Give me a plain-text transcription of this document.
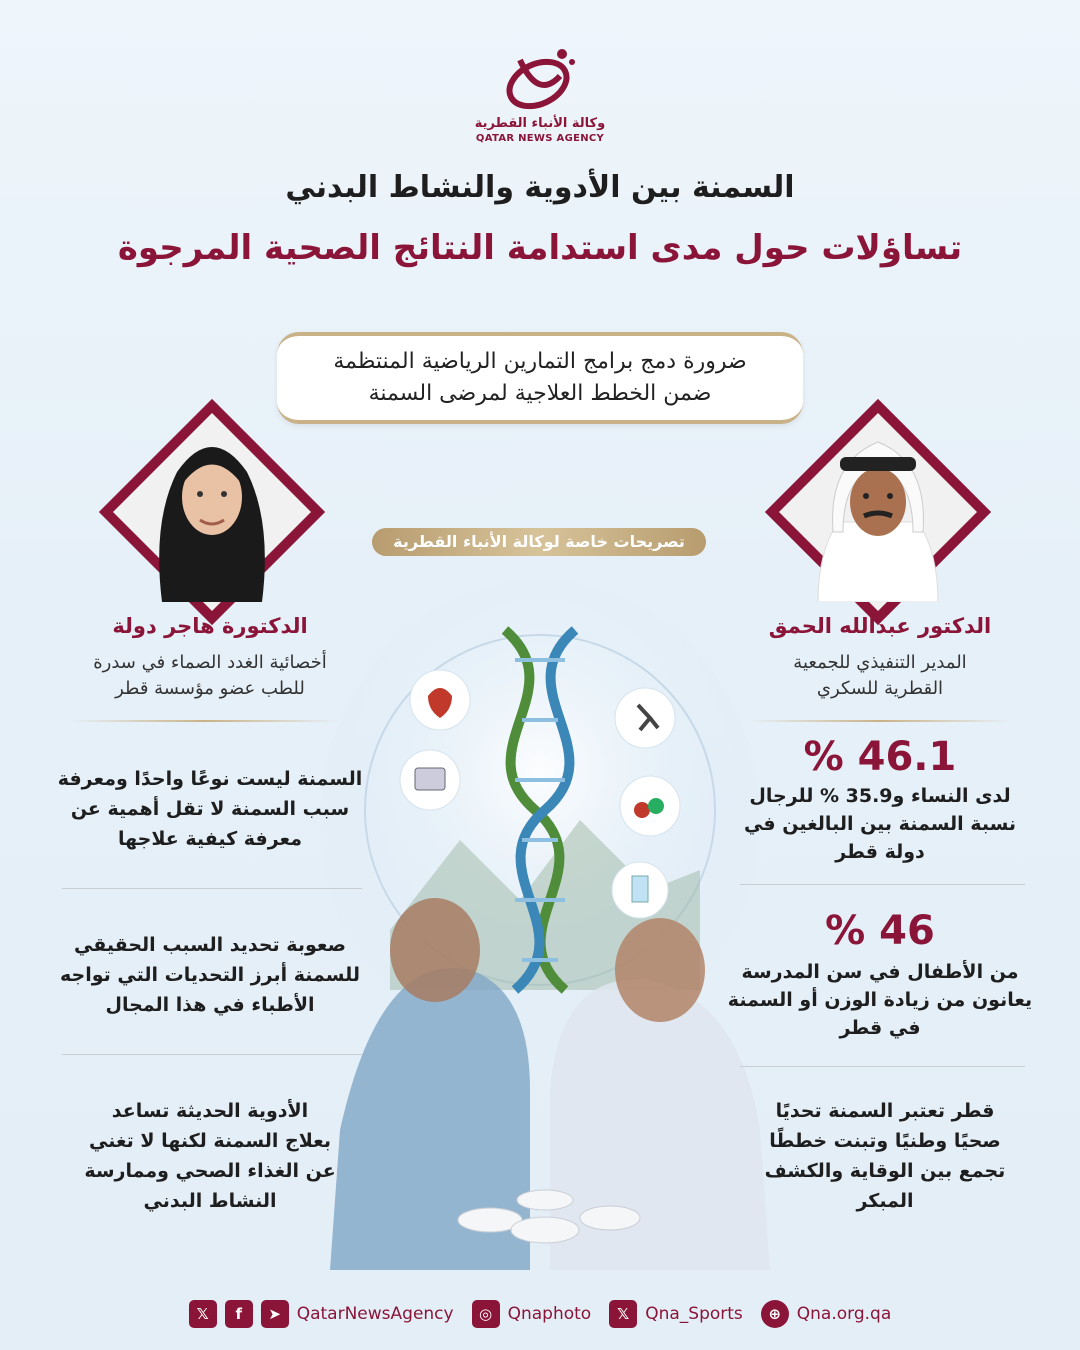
وكالة الأنباء القطرية
QATAR NEWS AGENCY
السمنة بين الأدوية والنشاط البدني
تساؤلات حول مدى استدامة النتائج الصحية المرجوة
ضرورة دمج برامج التمارين الرياضية المنتظمة
ضمن الخطط العلاجية لمرضى السمنة
تصريحات خاصة لوكالة الأنباء القطرية
الدكتورة هاجر دولة
أخصائية الغدد الصماء في سدرة
للطب عضو مؤسسة قطر
السمنة ليست نوعًا واحدًا ومعرفة
سبب السمنة لا تقل أهمية عن
معرفة كيفية علاجها
صعوبة تحديد السبب الحقيقي
للسمنة أبرز التحديات التي تواجه
الأطباء في هذا المجال
الأدوية الحديثة تساعد
بعلاج السمنة لكنها لا تغني
عن الغذاء الصحي وممارسة
النشاط البدني
الدكتور عبدالله الحمق
المدير التنفيذي للجمعية
القطرية للسكري
% 46.1
لدى النساء و35.9 % للرجال
نسبة السمنة بين البالغين في
دولة قطر
% 46
من الأطفال في سن المدرسة
يعانون من زيادة الوزن أو السمنة
في قطر
قطر تعتبر السمنة تحديًا
صحيًا وطنيًا وتبنت خططًا
تجمع بين الوقاية والكشف
المبكر
𝕏	f	➤ QatarNewsAgency	◎ Qnaphoto	𝕏 Qna_Sports	⊕ Qna.org.qa
